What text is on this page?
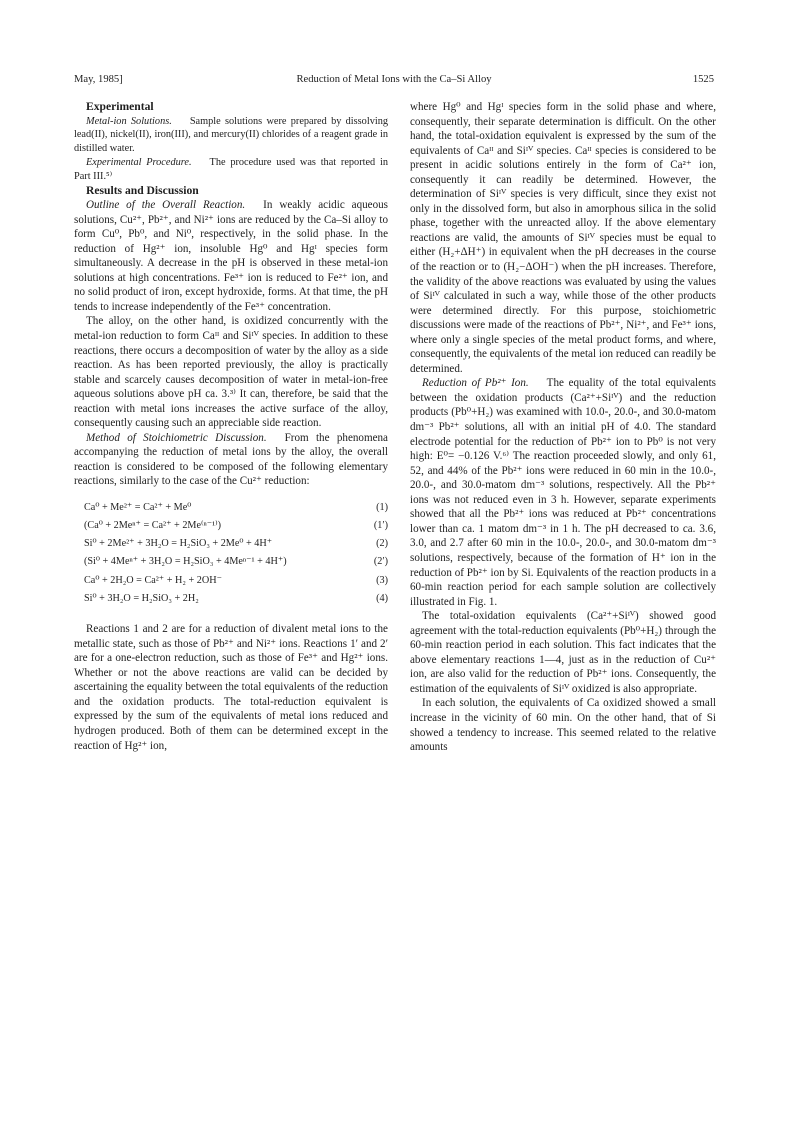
May, 1985]	Reduction of Metal Ions with the Ca–Si Alloy	1525

Experimental

Metal-ion Solutions. Sample solutions were prepared by dissolving lead(II), nickel(II), iron(III), and mercury(II) chlorides of a reagent grade in distilled water.

Experimental Procedure. The procedure used was that reported in Part III.⁵⁾

Results and Discussion

Outline of the Overall Reaction. In weakly acidic aqueous solutions, Cu²⁺, Pb²⁺, and Ni²⁺ ions are reduced by the Ca–Si alloy to form Cu⁰, Pb⁰, and Ni⁰, respectively, in the solid phase. In the reduction of Hg²⁺ ion, insoluble Hg⁰ and Hgᴵ species form simultaneously. A decrease in the pH is observed in these metal-ion solutions at high concentrations. Fe³⁺ ion is reduced to Fe²⁺ ion, and no solid product of iron, except hydroxide, forms. At that time, the pH tends to increase independently of the Fe³⁺ concentration.

The alloy, on the other hand, is oxidized concurrently with the metal-ion reduction to form Caᴵᴵ and Siᴵⱽ species. In addition to these reactions, there occurs a decomposition of water by the alloy as a side reaction. As has been reported previously, the alloy is practically stable and scarcely causes decomposition of water in metal-ion-free aqueous solutions above pH ca. 3.³⁾ It can, therefore, be said that the reaction with metal ions increases the active surface of the alloy, consequently causing such an appreciable side reaction.

Method of Stoichiometric Discussion. From the phenomena accompanying the reduction of metal ions by the alloy, the overall reaction is considered to be composed of the following elementary reactions, similarly to the case of the Cu²⁺ reduction:

Ca⁰ + Me²⁺ = Ca²⁺ + Me⁰	(1)
(Ca⁰ + 2Meⁿ⁺ = Ca²⁺ + 2Me⁽ⁿ⁻¹⁾)	(1′)
Si⁰ + 2Me²⁺ + 3H₂O = H₂SiO₃ + 2Me⁰ + 4H⁺	(2)
(Si⁰ + 4Meⁿ⁺ + 3H₂O = H₂SiO₃ + 4Meⁿ⁻¹ + 4H⁺)	(2′)
Ca⁰ + 2H₂O = Ca²⁺ + H₂ + 2OH⁻	(3)
Si⁰ + 3H₂O = H₂SiO₃ + 2H₂	(4)

Reactions 1 and 2 are for a reduction of divalent metal ions to the metallic state, such as those of Pb²⁺ and Ni²⁺ ions. Reactions 1′ and 2′ are for a one-electron reduction, such as those of Fe³⁺ and Hg²⁺ ions. Whether or not the above reactions are valid can be decided by ascertaining the equality between the total equivalents of the reduction and the oxidation products. The total-reduction equivalent is expressed by the sum of the equivalents of metal ions reduced and hydrogen produced. Both of them can be determined except in the reaction of Hg²⁺ ion,

where Hg⁰ and Hgᴵ species form in the solid phase and where, consequently, their separate determination is difficult. On the other hand, the total-oxidation equivalent is expressed by the sum of the equivalents of Caᴵᴵ and Siᴵⱽ species. Caᴵᴵ species is considered to be present in acidic solutions entirely in the form of Ca²⁺ ion, consequently it can readily be determined. However, the determination of Siᴵⱽ species is very difficult, since they exist not only in the dissolved form, but also in amorphous silica in the solid phase, together with the unreacted alloy. If the above elementary reactions are valid, the amounts of Siᴵⱽ species must be equal to either (H₂+ΔH⁺) in equivalent when the pH decreases in the course of the reaction or to (H₂−ΔOH⁻) when the pH increases. Therefore, the validity of the above reactions was evaluated by using the values of Siᴵⱽ calculated in such a way, while those of the other products were determined directly. For this purpose, stoichiometric discussions were made of the reactions of Pb²⁺, Ni²⁺, and Fe³⁺ ions, where only a single species of the metal product forms, and where, consequently, the equivalents of the metal ion reduced can readily be determined.

Reduction of Pb²⁺ Ion. The equality of the total equivalents between the oxidation products (Ca²⁺+Siᴵⱽ) and the reduction products (Pb⁰+H₂) was examined with 10.0-, 20.0-, and 30.0-matom dm⁻³ Pb²⁺ solutions, all with an initial pH of 4.0. The standard electrode potential for the reduction of Pb²⁺ ion to Pb⁰ is not very high: E⁰= −0.126 V.⁶⁾ The reaction proceeded slowly, and only 61, 52, and 44% of the Pb²⁺ ions were reduced in 60 min in the 10.0-, 20.0-, and 30.0-matom dm⁻³ solutions, respectively. All the Pb²⁺ ions was not reduced even in 3 h. However, separate experiments showed that all the Pb²⁺ ions was reduced at Pb²⁺ concentrations lower than ca. 1 matom dm⁻³ in 1 h. The pH decreased to ca. 3.6, 3.0, and 2.7 after 60 min in the 10.0-, 20.0-, and 30.0-matom dm⁻³ solutions, respectively, because of the formation of H⁺ ion in the reduction of Pb²⁺ ion by Si. Equivalents of the reaction products in a 60-min reaction period for each sample solution are collectively illustrated in Fig. 1.

The total-oxidation equivalents (Ca²⁺+Siᴵⱽ) showed good agreement with the total-reduction equivalents (Pb⁰+H₂) through the 60-min reaction period in each solution. This fact indicates that the above elementary reactions 1—4, just as in the reduction of Cu²⁺ ion, are also valid for the reduction of Pb²⁺ ions. Consequently, the estimation of the equivalents of Siᴵⱽ oxidized is also appropriate.

In each solution, the equivalents of Ca oxidized showed a small increase in the vicinity of 60 min. On the other hand, that of Si showed a tendency to increase. This seemed related to the relative amounts
